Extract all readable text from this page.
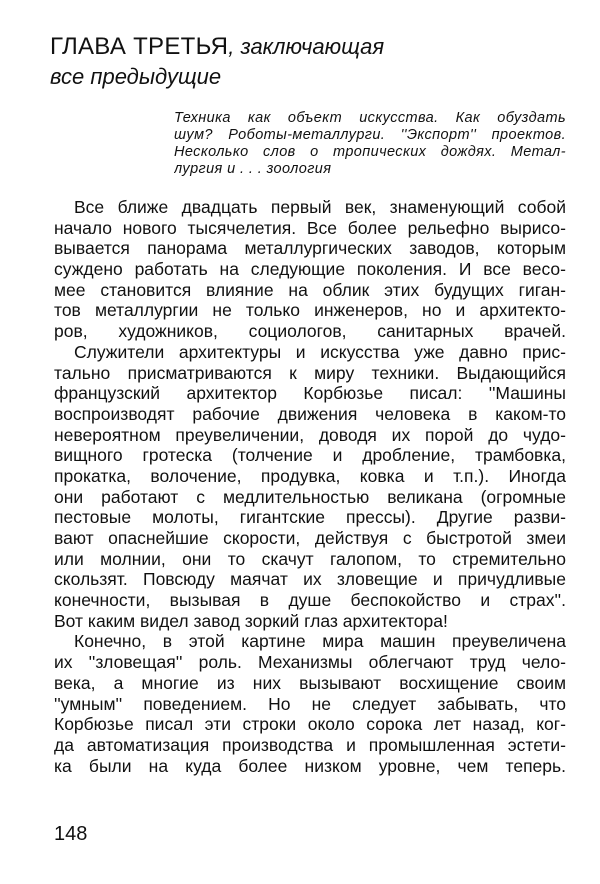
ГЛАВА ТРЕТЬЯ, заключающая
все предыдущие
Техника как объект искусства. Как обуздать
шум? Роботы-металлурги. ''Экспорт'' проектов.
Несколько слов о тропических дождях. Метал-
лургия и . . . зоология
Все ближе двадцать первый век, знаменующий собой
начало нового тысячелетия. Все более рельефно вырисо-
вывается панорама металлургических заводов, которым
суждено работать на следующие поколения. И все весо-
мее становится влияние на облик этих будущих гиган-
тов металлургии не только инженеров, но и архитекто-
ров, художников, социологов, санитарных врачей.
Служители архитектуры и искусства уже давно прис-
тально присматриваются к миру техники. Выдающийся
французский архитектор Корбюзье писал: ''Машины
воспроизводят рабочие движения человека в каком-то
невероятном преувеличении, доводя их порой до чудо-
вищного гротеска (толчение и дробление, трамбовка,
прокатка, волочение, продувка, ковка и т.п.). Иногда
они работают с медлительностью великана (огромные
пестовые молоты, гигантские прессы). Другие разви-
вают опаснейшие скорости, действуя с быстротой змеи
или молнии, они то скачут галопом, то стремительно
скользят. Повсюду маячат их зловещие и причудливые
конечности, вызывая в душе беспокойство и страх''.
Вот каким видел завод зоркий глаз архитектора!
Конечно, в этой картине мира машин преувеличена
их ''зловещая'' роль. Механизмы облегчают труд чело-
века, а многие из них вызывают восхищение своим
''умным'' поведением. Но не следует забывать, что
Корбюзье писал эти строки около сорока лет назад, ког-
да автоматизация производства и промышленная эстети-
ка были на куда более низком уровне, чем теперь.
148
